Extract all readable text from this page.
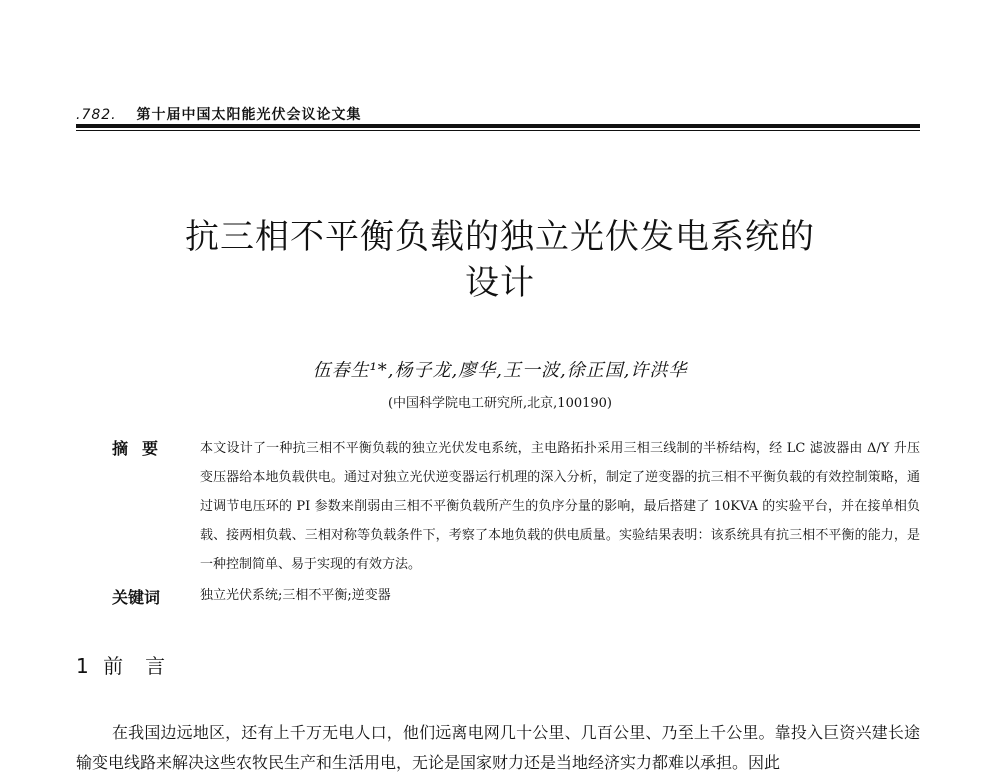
.782. 第十届中国太阳能光伏会议论文集
抗三相不平衡负载的独立光伏发电系统的
设计
伍春生¹*,杨子龙,廖华,王一波,徐正国,许洪华
(中国科学院电工研究所,北京,100190)
摘要 本文设计了一种抗三相不平衡负载的独立光伏发电系统，主电路拓扑采用三相三线制的半桥结构，经 LC 滤波器由 Δ/Y 升压变压器给本地负载供电。通过对独立光伏逆变器运行机理的深入分析，制定了逆变器的抗三相不平衡负载的有效控制策略，通过调节电压环的 PI 参数来削弱由三相不平衡负载所产生的负序分量的影响，最后搭建了 10KVA 的实验平台，并在接单相负载、接两相负载、三相对称等负载条件下，考察了本地负载的供电质量。实验结果表明：该系统具有抗三相不平衡的能力，是一种控制简单、易于实现的有效方法。
关键词	独立光伏系统;三相不平衡;逆变器
1 前言
在我国边远地区，还有上千万无电人口，他们远离电网几十公里、几百公里、乃至上千公里。靠投入巨资兴建长途输变电线路来解决这些农牧民生产和生活用电，无论是国家财力还是当地经济实力都难以承担。因此
